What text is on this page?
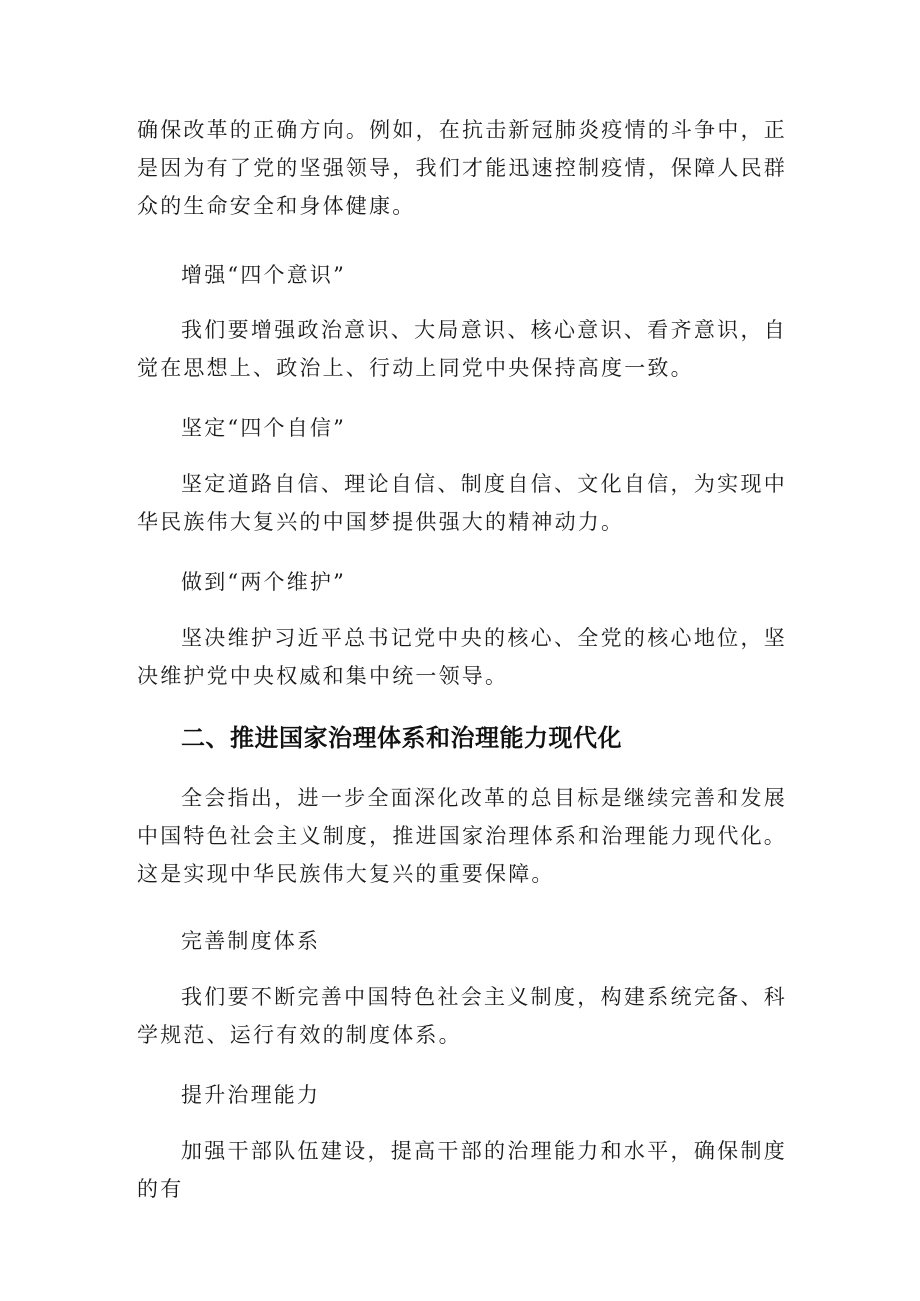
确保改革的正确方向。例如，在抗击新冠肺炎疫情的斗争中，正是因为有了党的坚强领导，我们才能迅速控制疫情，保障人民群众的生命安全和身体健康。

增强“四个意识”

我们要增强政治意识、大局意识、核心意识、看齐意识，自觉在思想上、政治上、行动上同党中央保持高度一致。

坚定“四个自信”

坚定道路自信、理论自信、制度自信、文化自信，为实现中华民族伟大复兴的中国梦提供强大的精神动力。

做到“两个维护”

坚决维护习近平总书记党中央的核心、全党的核心地位，坚决维护党中央权威和集中统一领导。

二、推进国家治理体系和治理能力现代化

全会指出，进一步全面深化改革的总目标是继续完善和发展中国特色社会主义制度，推进国家治理体系和治理能力现代化。这是实现中华民族伟大复兴的重要保障。

完善制度体系

我们要不断完善中国特色社会主义制度，构建系统完备、科学规范、运行有效的制度体系。

提升治理能力

加强干部队伍建设，提高干部的治理能力和水平，确保制度的有
